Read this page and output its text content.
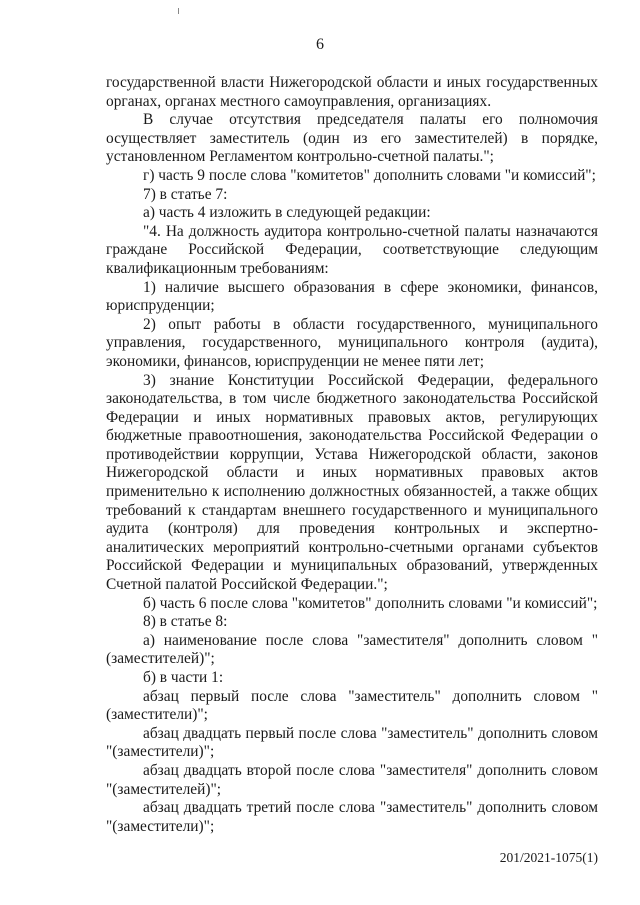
6

государственной власти Нижегородской области и иных государственных органах, органах местного самоуправления, организациях.

В случае отсутствия председателя палаты его полномочия осуществляет заместитель (один из его заместителей) в порядке, установленном Регламентом контрольно-счетной палаты.";

г) часть 9 после слова "комитетов" дополнить словами "и комиссий";

7) в статье 7:

а) часть 4 изложить в следующей редакции:

"4. На должность аудитора контрольно-счетной палаты назначаются граждане Российской Федерации, соответствующие следующим квалификационным требованиям:

1) наличие высшего образования в сфере экономики, финансов, юриспруденции;

2) опыт работы в области государственного, муниципального управления, государственного, муниципального контроля (аудита), экономики, финансов, юриспруденции не менее пяти лет;

3) знание Конституции Российской Федерации, федерального законодательства, в том числе бюджетного законодательства Российской Федерации и иных нормативных правовых актов, регулирующих бюджетные правоотношения, законодательства Российской Федерации о противодействии коррупции, Устава Нижегородской области, законов Нижегородской области и иных нормативных правовых актов применительно к исполнению должностных обязанностей, а также общих требований к стандартам внешнего государственного и муниципального аудита (контроля) для проведения контрольных и экспертно-аналитических мероприятий контрольно-счетными органами субъектов Российской Федерации и муниципальных образований, утвержденных Счетной палатой Российской Федерации.";

б) часть 6 после слова "комитетов" дополнить словами "и комиссий";

8) в статье 8:

а) наименование после слова "заместителя" дополнить словом "(заместителей)";

б) в части 1:

абзац первый после слова "заместитель" дополнить словом "(заместители)";

абзац двадцать первый после слова "заместитель" дополнить словом "(заместители)";

абзац двадцать второй после слова "заместителя" дополнить словом "(заместителей)";

абзац двадцать третий после слова "заместитель" дополнить словом "(заместители)";

201/2021-1075(1)
